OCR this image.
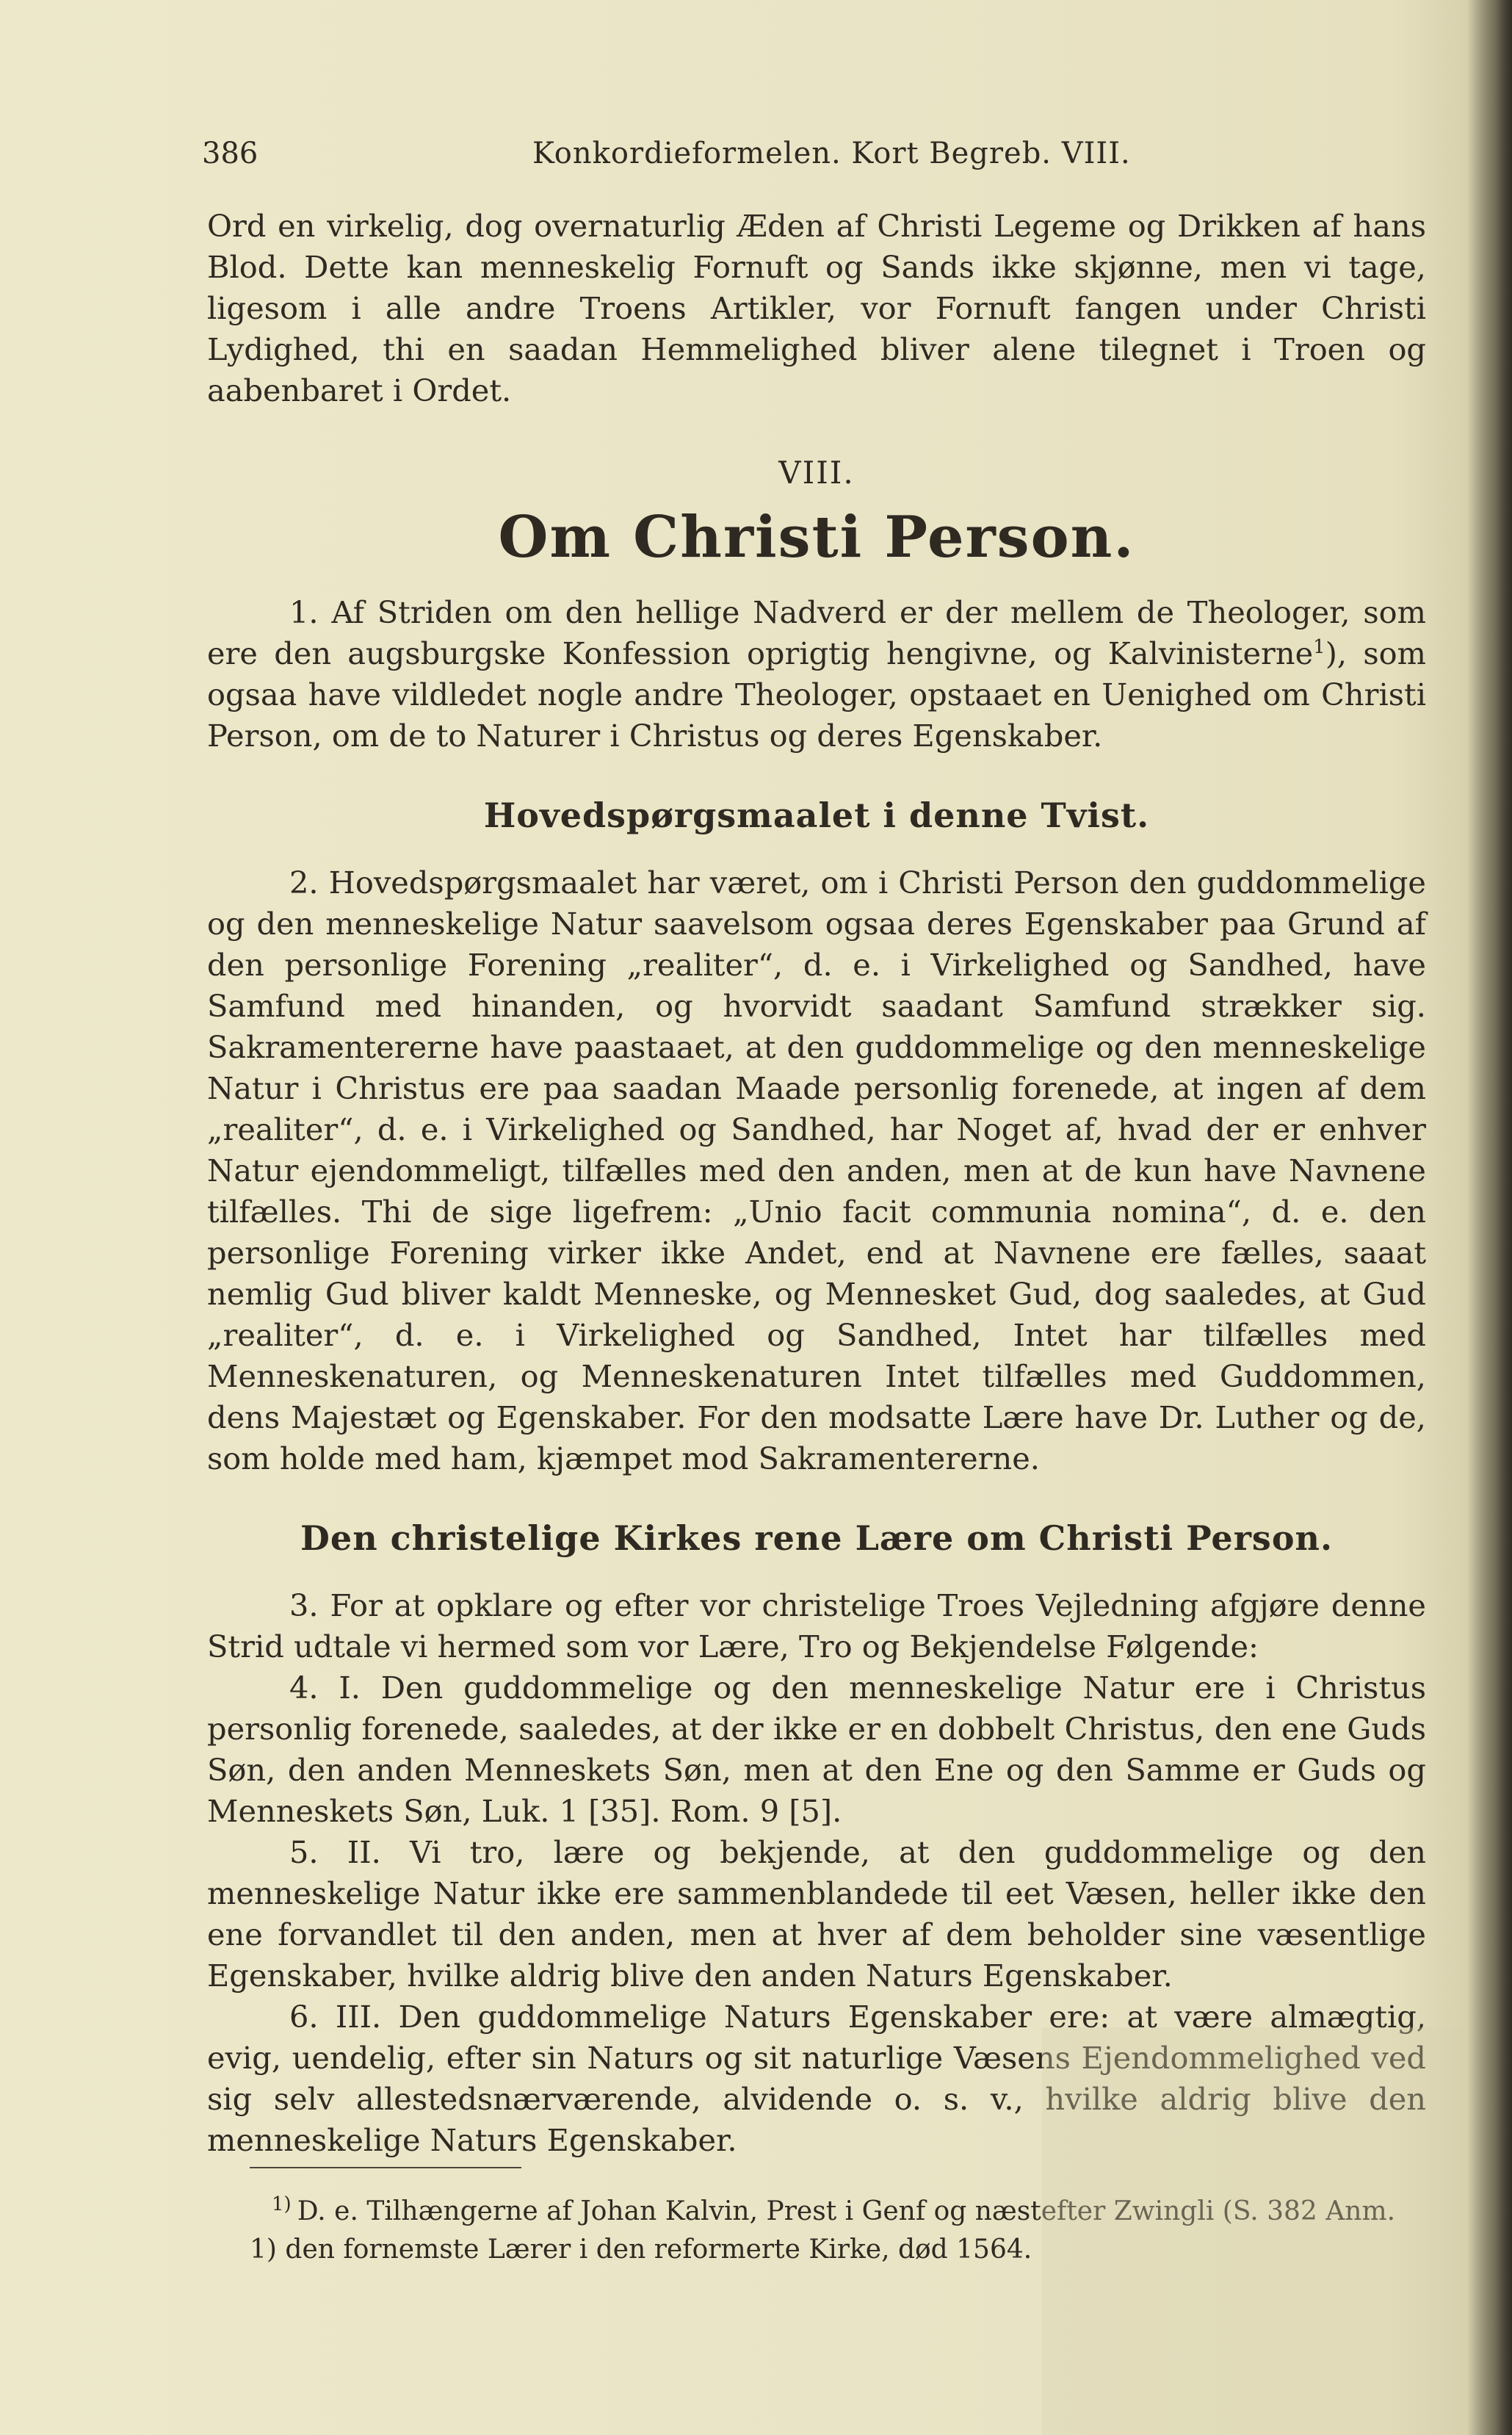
386	Konkordieformelen. Kort Begreb. VIII.

Ord en virkelig, dog overnaturlig Æden af Christi Legeme og Drikken af hans Blod. Dette kan menneskelig Fornuft og Sands ikke skjønne, men vi tage, ligesom i alle andre Troens Artikler, vor Fornuft fangen under Christi Lydighed, thi en saadan Hemmelighed bliver alene tilegnet i Troen og aabenbaret i Ordet.

VIII.

Om Christi Person.

1. Af Striden om den hellige Nadverd er der mellem de Theologer, som ere den augsburgske Konfession oprigtig hengivne, og Kalvinisterne$^1$), som ogsaa have vildledet nogle andre Theologer, opstaaet en Uenighed om Christi Person, om de to Naturer i Christus og deres Egenskaber.

Hovedspørgsmaalet i denne Tvist.

2. Hovedspørgsmaalet har været, om i Christi Person den guddommelige og den menneskelige Natur saavelsom ogsaa deres Egenskaber paa Grund af den personlige Forening „realiter“, d. e. i Virkelighed og Sandhed, have Samfund med hinanden, og hvorvidt saadant Samfund strækker sig. Sakramentererne have paastaaet, at den guddommelige og den menneskelige Natur i Christus ere paa saadan Maade personlig forenede, at ingen af dem „realiter“, d. e. i Virkelighed og Sandhed, har Noget af, hvad der er enhver Natur ejendommeligt, tilfælles med den anden, men at de kun have Navnene tilfælles. Thi de sige ligefrem: „Unio facit communia nomina“, d. e. den personlige Forening virker ikke Andet, end at Navnene ere fælles, saaat nemlig Gud bliver kaldt Menneske, og Mennesket Gud, dog saaledes, at Gud „realiter“, d. e. i Virkelighed og Sandhed, Intet har tilfælles med Menneskenaturen, og Menneskenaturen Intet tilfælles med Guddommen, dens Majestæt og Egenskaber. For den modsatte Lære have Dr. Luther og de, som holde med ham, kjæmpet mod Sakramentererne.

Den christelige Kirkes rene Lære om Christi Person.

3. For at opklare og efter vor christelige Troes Vejledning afgjøre denne Strid udtale vi hermed som vor Lære, Tro og Bekjendelse Følgende:

4. I. Den guddommelige og den menneskelige Natur ere i Christus personlig forenede, saaledes, at der ikke er en dobbelt Christus, den ene Guds Søn, den anden Menneskets Søn, men at den Ene og den Samme er Guds og Menneskets Søn, Luk. 1 [35]. Rom. 9 [5].

5. II. Vi tro, lære og bekjende, at den guddommelige og den menneskelige Natur ikke ere sammenblandede til eet Væsen, heller ikke den ene forvandlet til den anden, men at hver af dem beholder sine væsentlige Egenskaber, hvilke aldrig blive den anden Naturs Egenskaber.

6. III. Den guddommelige Naturs Egenskaber ere: at være almægtig, evig, uendelig, efter sin Naturs og sit naturlige Væsens Ejendommelighed ved sig selv allestedsnærværende, alvidende o. s. v., hvilke aldrig blive den menneskelige Naturs Egenskaber.

$^{1)}$ D. e. Tilhængerne af Johan Kalvin, Prest i Genf og næstefter Zwingli (S. 382 Anm. 1) den fornemste Lærer i den reformerte Kirke, død 1564.
